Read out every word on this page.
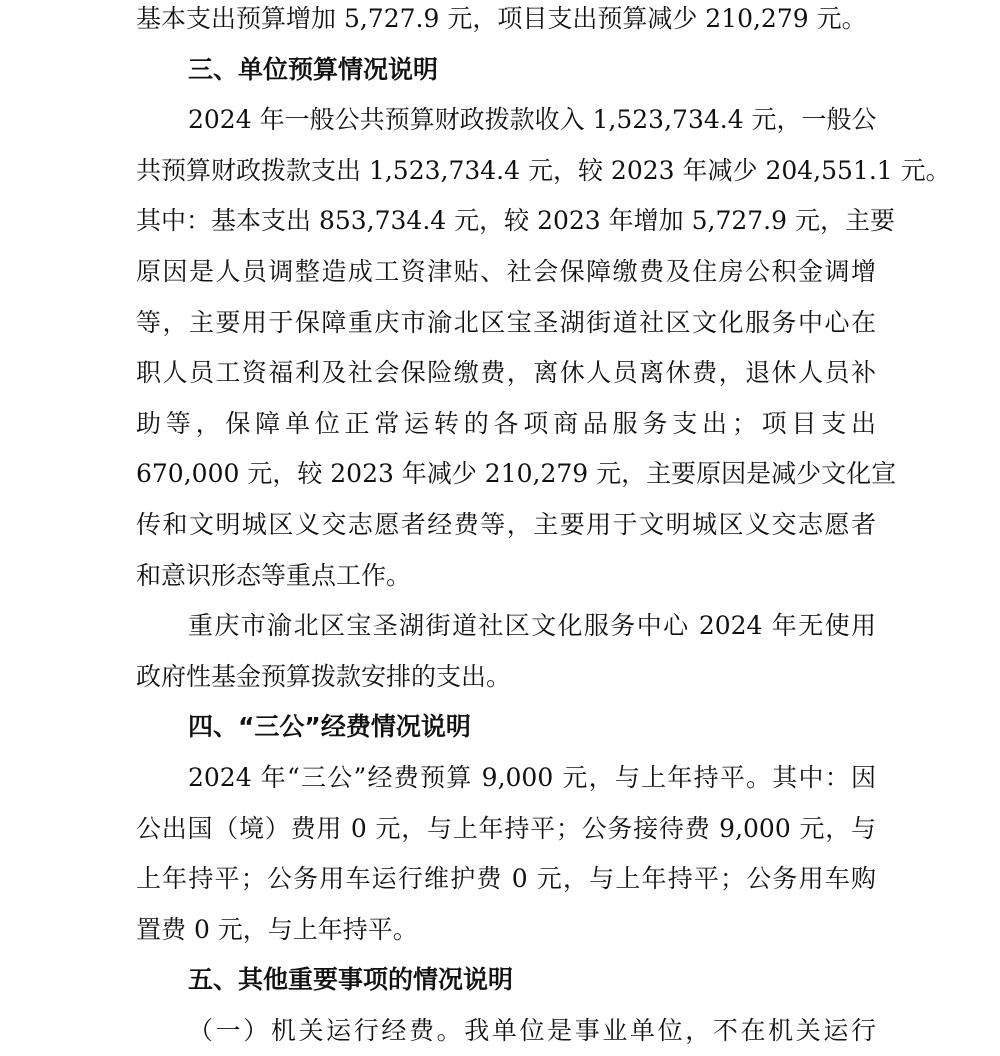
基本支出预算增加 5,727.9 元，项目支出预算减少 210,279 元。
三、单位预算情况说明
2024 年一般公共预算财政拨款收入 1,523,734.4 元，一般公
共预算财政拨款支出 1,523,734.4 元，较 2023 年减少 204,551.1 元。
其中：基本支出 853,734.4 元，较 2023 年增加 5,727.9 元，主要
原因是人员调整造成工资津贴、社会保障缴费及住房公积金调增
等，主要用于保障重庆市渝北区宝圣湖街道社区文化服务中心在
职人员工资福利及社会保险缴费，离休人员离休费，退休人员补
助等，保障单位正常运转的各项商品服务支出；项目支出
670,000 元，较 2023 年减少 210,279 元，主要原因是减少文化宣
传和文明城区义交志愿者经费等，主要用于文明城区义交志愿者
和意识形态等重点工作。
重庆市渝北区宝圣湖街道社区文化服务中心 2024 年无使用
政府性基金预算拨款安排的支出。
四、“三公”经费情况说明
2024 年“三公”经费预算 9,000 元，与上年持平。其中：因
公出国（境）费用 0 元，与上年持平；公务接待费 9,000 元，与
上年持平；公务用车运行维护费 0 元，与上年持平；公务用车购
置费 0 元，与上年持平。
五、其他重要事项的情况说明
（一）机关运行经费。我单位是事业单位，不在机关运行
